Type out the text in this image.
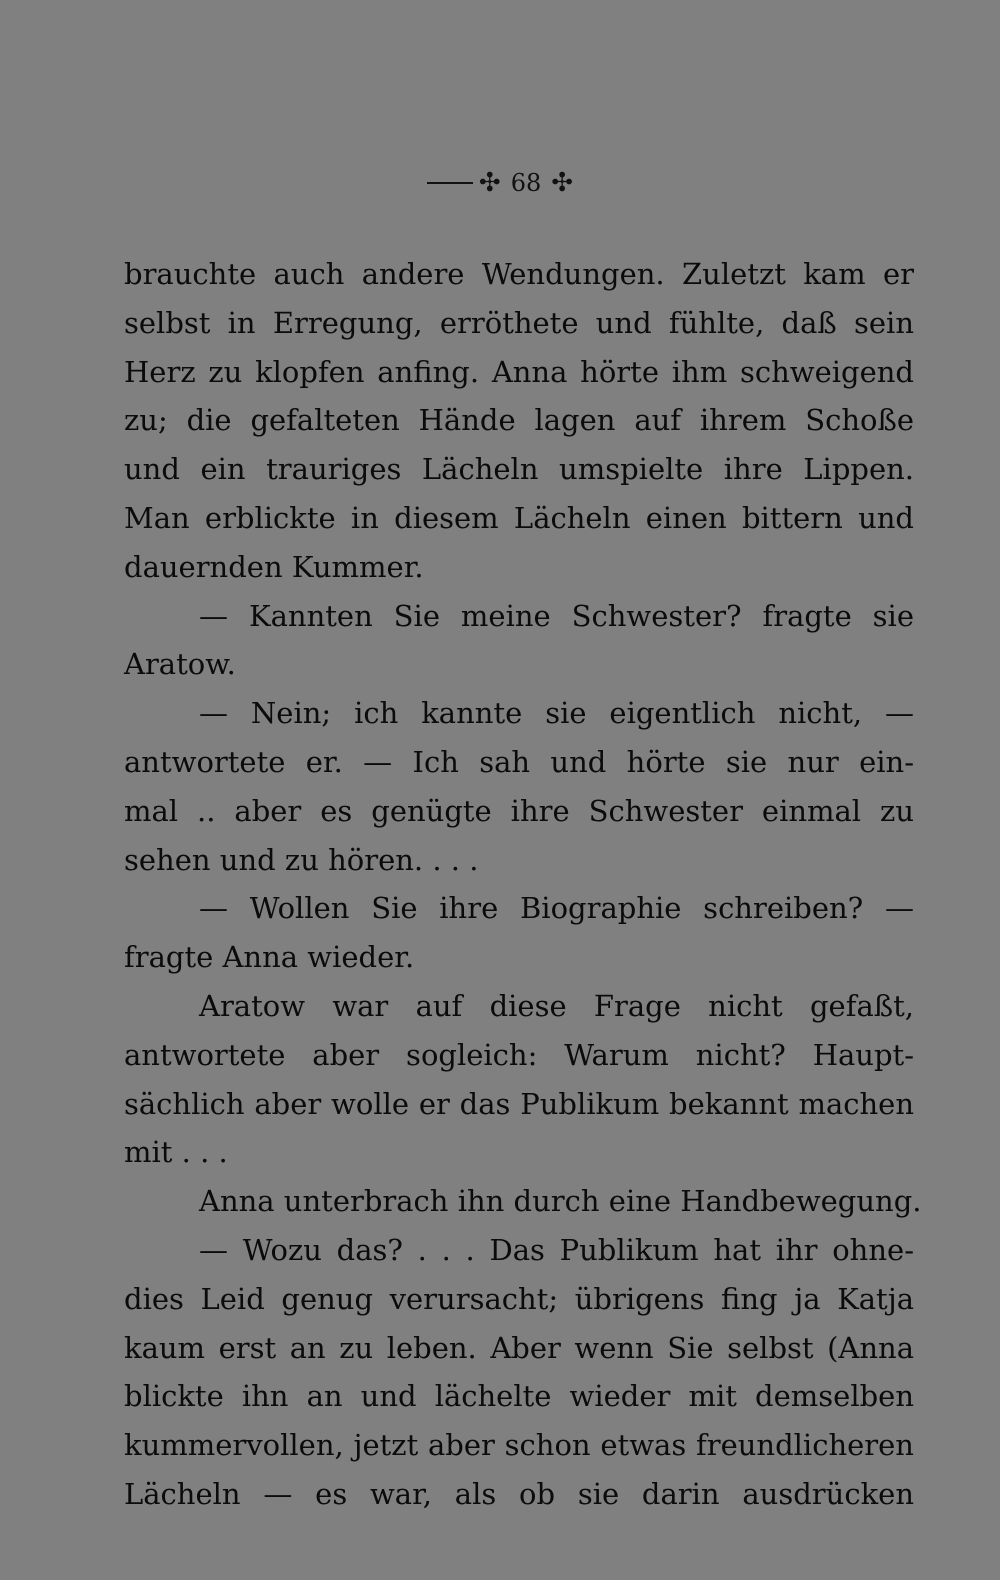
✣ 68 ✣
brauchte auch andere Wendungen. Zuletzt kam er
selbst in Erregung, erröthete und fühlte, daß sein
Herz zu klopfen anfing. Anna hörte ihm schweigend
zu; die gefalteten Hände lagen auf ihrem Schoße
und ein trauriges Lächeln umspielte ihre Lippen.
Man erblickte in diesem Lächeln einen bittern und
dauernden Kummer.
— Kannten Sie meine Schwester? fragte sie
Aratow.
— Nein; ich kannte sie eigentlich nicht, —
antwortete er. — Ich sah und hörte sie nur ein-
mal .. aber es genügte ihre Schwester einmal zu
sehen und zu hören. . . .
— Wollen Sie ihre Biographie schreiben? —
fragte Anna wieder.
Aratow war auf diese Frage nicht gefaßt,
antwortete aber sogleich: Warum nicht? Haupt-
sächlich aber wolle er das Publikum bekannt machen
mit . . .
Anna unterbrach ihn durch eine Handbewegung.
— Wozu das? . . . Das Publikum hat ihr ohne-
dies Leid genug verursacht; übrigens fing ja Katja
kaum erst an zu leben. Aber wenn Sie selbst (Anna
blickte ihn an und lächelte wieder mit demselben
kummervollen, jetzt aber schon etwas freundlicheren
Lächeln — es war, als ob sie darin ausdrücken
